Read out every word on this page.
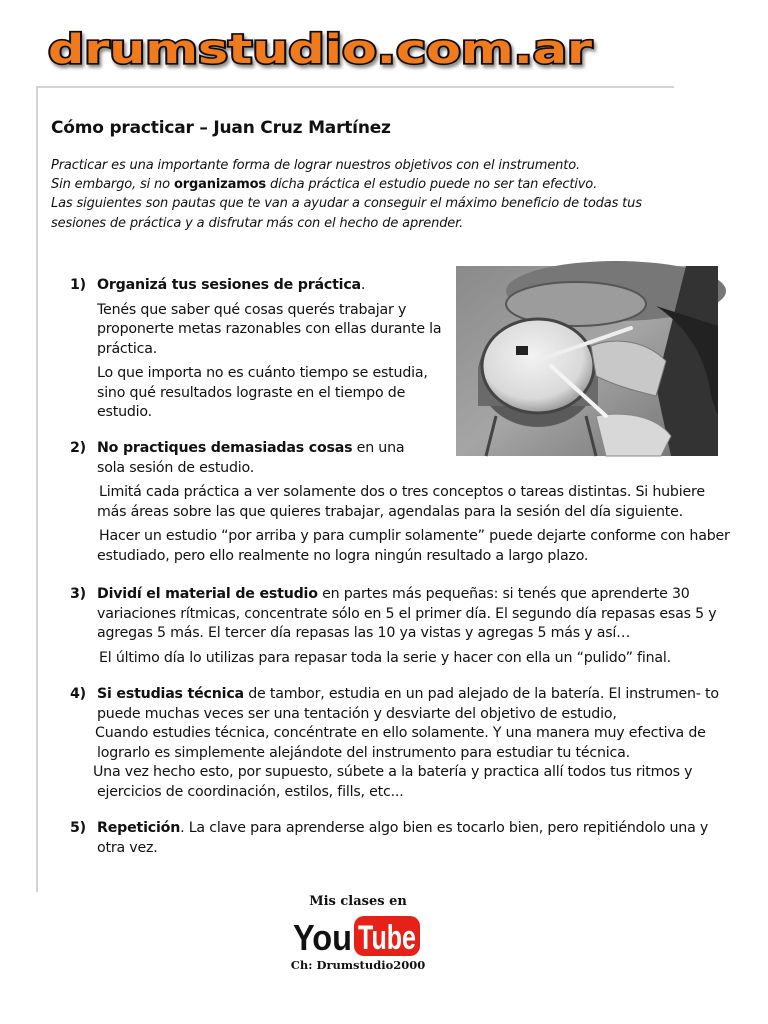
drumstudio.com.ar
Cómo practicar – Juan Cruz Martínez

Practicar es una importante forma de lograr nuestros objetivos con el instrumento.

Sin embargo, si no organizamos dicha práctica el estudio puede no ser tan efectivo.

Las siguientes son pautas que te van a ayudar a conseguir el máximo beneficio de todas tus sesiones de práctica y a disfrutar más con el hecho de aprender.

1) Organizá tus sesiones de práctica.

Tenés que saber qué cosas querés trabajar y proponerte metas razonables con ellas durante la práctica.

Lo que importa no es cuánto tiempo se estudia, sino qué resultados lograste en el tiempo de estudio.

2) No practiques demasiadas cosas en una sola sesión de estudio.

Limitá cada práctica a ver solamente dos o tres conceptos o tareas distintas. Si hubiere más áreas sobre las que quieres trabajar, agendalas para la sesión del día siguiente.

Hacer un estudio “por arriba y para cumplir solamente” puede dejarte conforme con haber estudiado, pero ello realmente no logra ningún resultado a largo plazo.

3) Dividí el material de estudio en partes más pequeñas: si tenés que aprenderte 30 variaciones rítmicas, concentrate sólo en 5 el primer día. El segundo día repasas esas 5 y agregas 5 más. El tercer día repasas las 10 ya vistas y agregas 5 más y así…

El último día lo utilizas para repasar toda la serie y hacer con ella un “pulido” final.

4) Si estudias técnica de tambor, estudia en un pad alejado de la batería. El instrumen- to puede muchas veces ser una tentación y desviarte del objetivo de estudio,

Cuando estudies técnica, concéntrate en ello solamente. Y una manera muy efectiva de lograrlo es simplemente alejándote del instrumento para estudiar tu técnica.

Una vez hecho esto, por supuesto, súbete a la batería y practica allí todos tus ritmos y ejercicios de coordinación, estilos, fills, etc...

5) Repetición. La clave para aprenderse algo bien es tocarlo bien, pero repitiéndolo una y otra vez.

Mis clases en
You Tube
Ch: Drumstudio2000
